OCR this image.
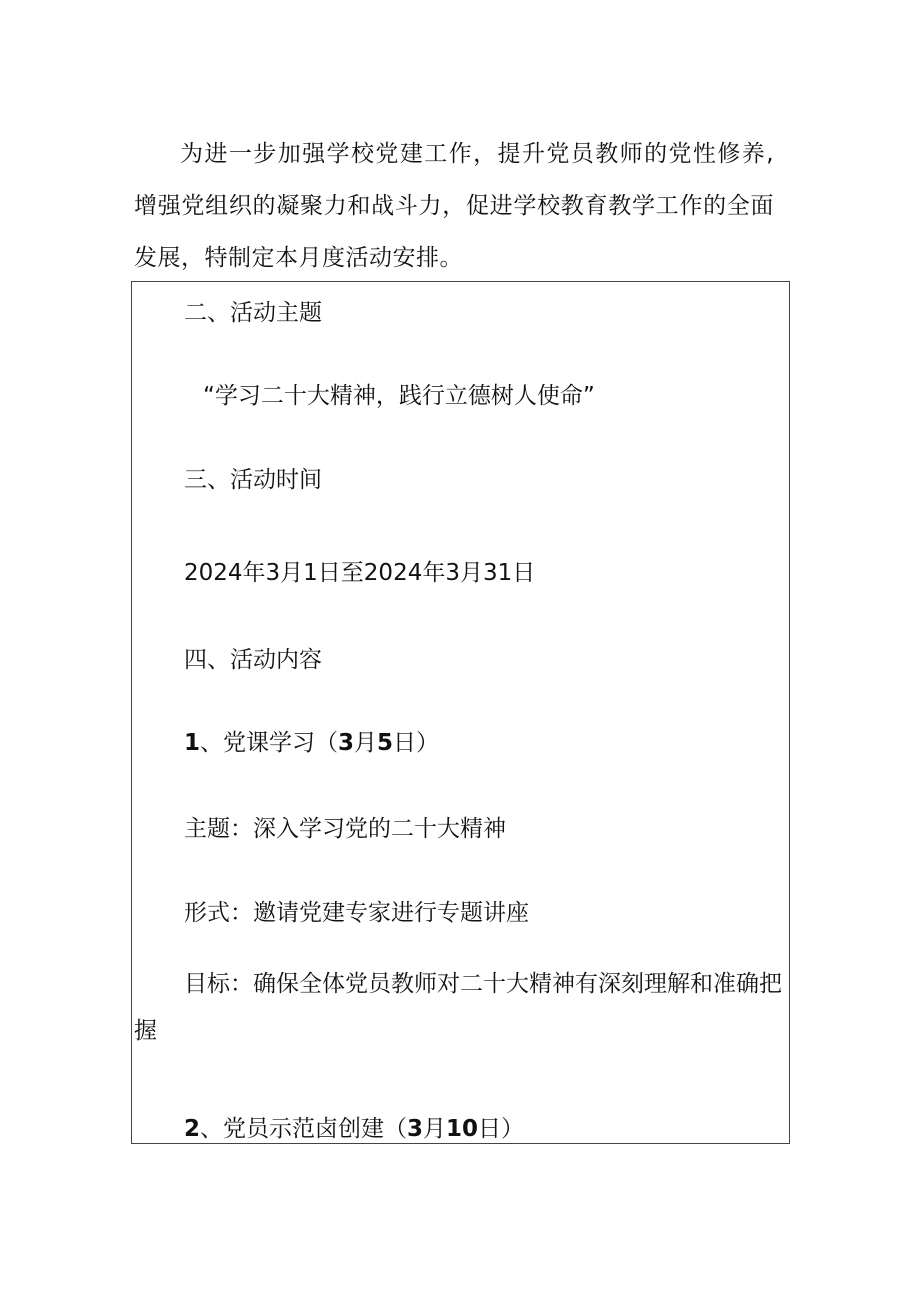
为进一步加强学校党建工作，提升党员教师的党性修养,增强党组织的凝聚力和战斗力，促进学校教育教学工作的全面发展，特制定本月度活动安排。

二、活动主题

“学习二十大精神，践行立德树人使命”

三、活动时间

2024年3月1日至2024年3月31日

四、活动内容

1、党课学习（3月5日）

主题：深入学习党的二十大精神

形式：邀请党建专家进行专题讲座

目标：确保全体党员教师对二十大精神有深刻理解和准确把握

2、党员示范卤创建（3月10日）
